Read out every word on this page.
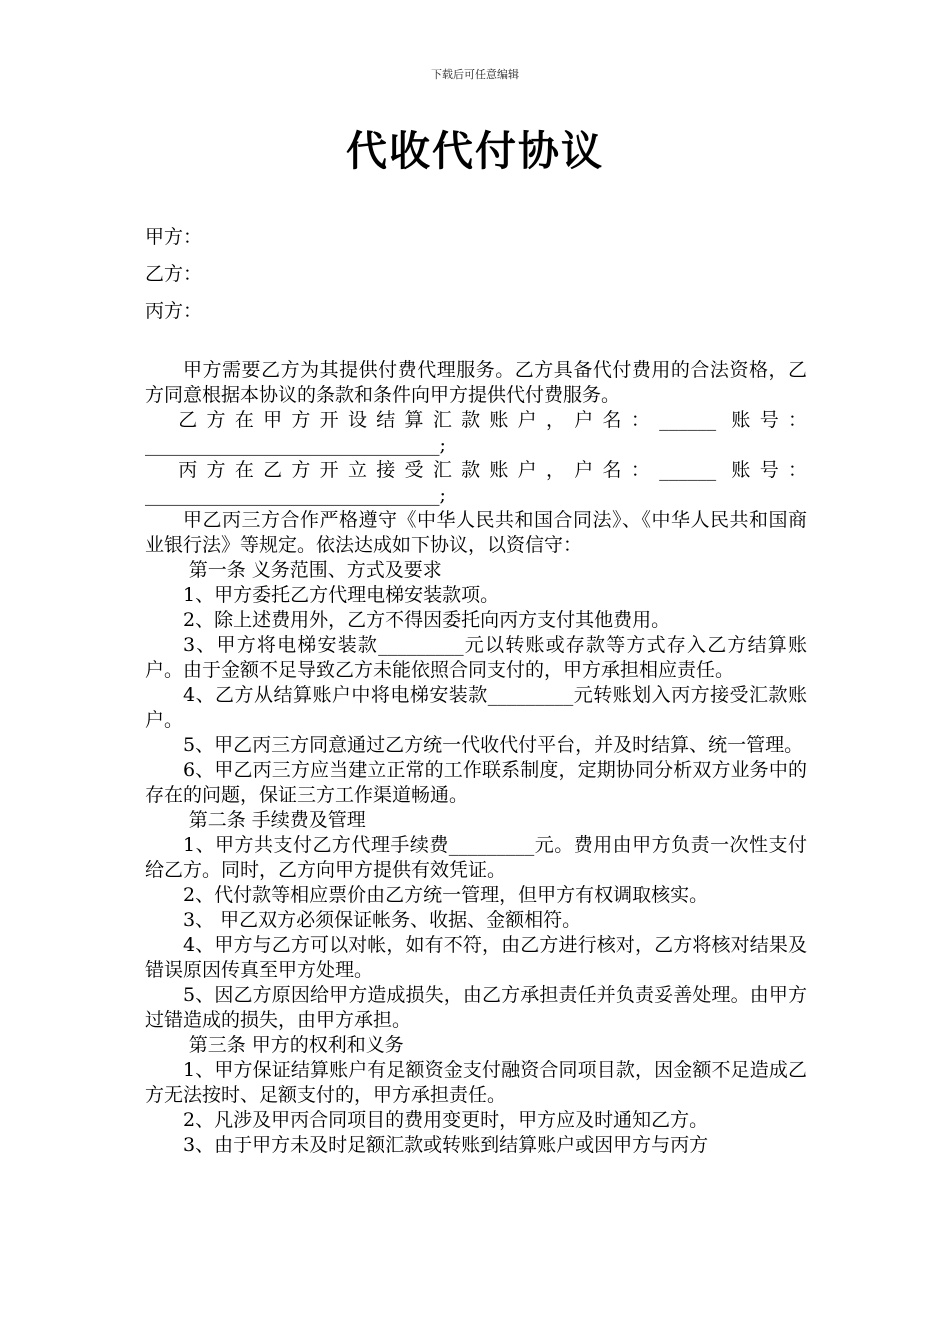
下载后可任意编辑
代收代付协议
甲方：
乙方：
丙方：

甲方需要乙方为其提供付费代理服务。乙方具备代付费用的合法资格，乙方同意根据本协议的条款和条件向甲方提供代付费服务。

乙方在甲方开设结算汇款账户，户名：______ 账号：_______________________________;

丙方在乙方开立接受汇款账户，户名：______ 账号：_______________________________;

甲乙丙三方合作严格遵守《中华人民共和国合同法》、《中华人民共和国商业银行法》等规定。依法达成如下协议，以资信守：

第一条 义务范围、方式及要求

1、甲方委托乙方代理电梯安装款项。

2、除上述费用外，乙方不得因委托向丙方支付其他费用。

3、甲方将电梯安装款_________元以转账或存款等方式存入乙方结算账户。由于金额不足导致乙方未能依照合同支付的，甲方承担相应责任。

4、乙方从结算账户中将电梯安装款_________元转账划入丙方接受汇款账户。

5、甲乙丙三方同意通过乙方统一代收代付平台，并及时结算、统一管理。

6、甲乙丙三方应当建立正常的工作联系制度，定期协同分析双方业务中的存在的问题，保证三方工作渠道畅通。

第二条 手续费及管理

1、甲方共支付乙方代理手续费_________元。费用由甲方负责一次性支付给乙方。同时，乙方向甲方提供有效凭证。

2、代付款等相应票价由乙方统一管理，但甲方有权调取核实。

3、 甲乙双方必须保证帐务、收据、金额相符。

4、甲方与乙方可以对帐，如有不符，由乙方进行核对，乙方将核对结果及错误原因传真至甲方处理。

5、因乙方原因给甲方造成损失，由乙方承担责任并负责妥善处理。由甲方过错造成的损失，由甲方承担。

第三条 甲方的权利和义务

1、甲方保证结算账户有足额资金支付融资合同项目款，因金额不足造成乙方无法按时、足额支付的，甲方承担责任。

2、凡涉及甲丙合同项目的费用变更时，甲方应及时通知乙方。

3、由于甲方未及时足额汇款或转账到结算账户或因甲方与丙方
